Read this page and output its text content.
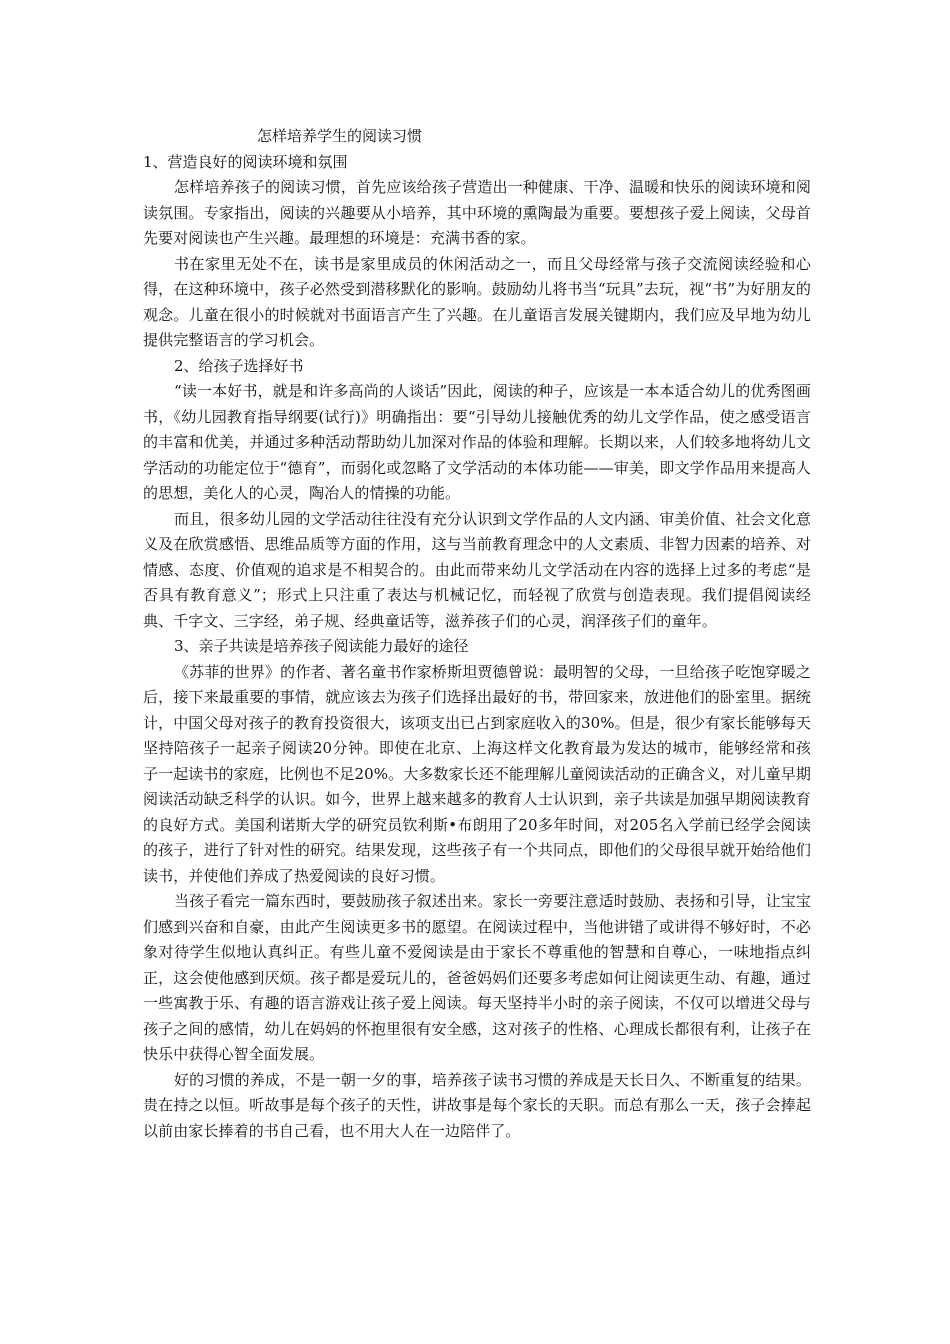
怎样培养学生的阅读习惯
1、营造良好的阅读环境和氛围

怎样培养孩子的阅读习惯，首先应该给孩子营造出一种健康、干净、温暖和快乐的阅读环境和阅读氛围。专家指出，阅读的兴趣要从小培养，其中环境的熏陶最为重要。要想孩子爱上阅读，父母首先要对阅读也产生兴趣。最理想的环境是：充满书香的家。

书在家里无处不在，读书是家里成员的休闲活动之一，而且父母经常与孩子交流阅读经验和心得，在这种环境中，孩子必然受到潜移默化的影响。鼓励幼儿将书当“玩具”去玩，视“书”为好朋友的观念。儿童在很小的时候就对书面语言产生了兴趣。在儿童语言发展关键期内，我们应及早地为幼儿提供完整语言的学习机会。

2、给孩子选择好书

“读一本好书，就是和许多高尚的人谈话”因此，阅读的种子，应该是一本本适合幼儿的优秀图画书，《幼儿园教育指导纲要(试行)》明确指出：要“引导幼儿接触优秀的幼儿文学作品，使之感受语言的丰富和优美，并通过多种活动帮助幼儿加深对作品的体验和理解。长期以来，人们较多地将幼儿文学活动的功能定位于“德育”，而弱化或忽略了文学活动的本体功能——审美，即文学作品用来提高人的思想，美化人的心灵，陶冶人的情操的功能。

而且，很多幼儿园的文学活动往往没有充分认识到文学作品的人文内涵、审美价值、社会文化意义及在欣赏感悟、思维品质等方面的作用，这与当前教育理念中的人文素质、非智力因素的培养、对情感、态度、价值观的追求是不相契合的。由此而带来幼儿文学活动在内容的选择上过多的考虑“是否具有教育意义”；形式上只注重了表达与机械记忆，而轻视了欣赏与创造表现。我们提倡阅读经典、千字文、三字经，弟子规、经典童话等，滋养孩子们的心灵，润泽孩子们的童年。

3、亲子共读是培养孩子阅读能力最好的途径

《苏菲的世界》的作者、著名童书作家桥斯坦贾德曾说：最明智的父母，一旦给孩子吃饱穿暖之后，接下来最重要的事情，就应该去为孩子们选择出最好的书，带回家来，放进他们的卧室里。据统计，中国父母对孩子的教育投资很大，该项支出已占到家庭收入的30%。但是，很少有家长能够每天坚持陪孩子一起亲子阅读20分钟。即使在北京、上海这样文化教育最为发达的城市，能够经常和孩子一起读书的家庭，比例也不足20%。大多数家长还不能理解儿童阅读活动的正确含义，对儿童早期阅读活动缺乏科学的认识。如今，世界上越来越多的教育人士认识到，亲子共读是加强早期阅读教育的良好方式。美国利诺斯大学的研究员钦利斯•布朗用了20多年时间，对205名入学前已经学会阅读的孩子，进行了针对性的研究。结果发现，这些孩子有一个共同点，即他们的父母很早就开始给他们读书，并使他们养成了热爱阅读的良好习惯。

当孩子看完一篇东西时，要鼓励孩子叙述出来。家长一旁要注意适时鼓励、表扬和引导，让宝宝们感到兴奋和自豪，由此产生阅读更多书的愿望。在阅读过程中，当他讲错了或讲得不够好时，不必象对待学生似地认真纠正。有些儿童不爱阅读是由于家长不尊重他的智慧和自尊心，一味地指点纠正，这会使他感到厌烦。孩子都是爱玩儿的，爸爸妈妈们还要多考虑如何让阅读更生动、有趣，通过一些寓教于乐、有趣的语言游戏让孩子爱上阅读。每天坚持半小时的亲子阅读，不仅可以增进父母与孩子之间的感情，幼儿在妈妈的怀抱里很有安全感，这对孩子的性格、心理成长都很有利，让孩子在快乐中获得心智全面发展。

好的习惯的养成，不是一朝一夕的事，培养孩子读书习惯的养成是天长日久、不断重复的结果。贵在持之以恒。听故事是每个孩子的天性，讲故事是每个家长的天职。而总有那么一天，孩子会捧起以前由家长捧着的书自己看，也不用大人在一边陪伴了。
